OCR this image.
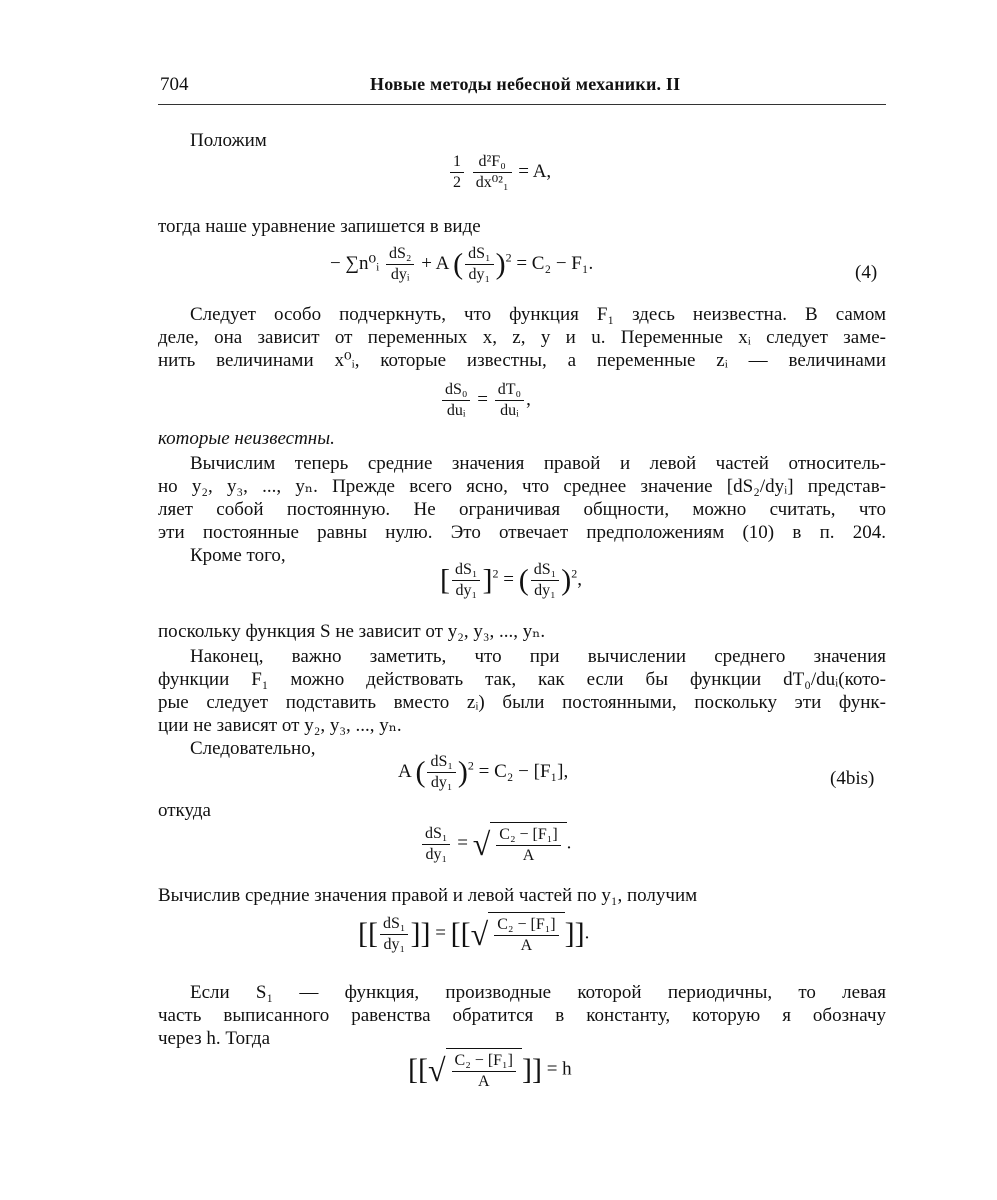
704	Новые методы небесной механики. II
Положим
$\frac{1}{2}$
$\frac{\text{d²F₀}}{\text{dx⁰²₁}} = A$,
тогда наше уравнение запишется в виде
− ∑n⁰ᵢ $\frac{\text{dS₂}}{\text{dyᵢ}} + A$ ( $\frac{\text{dS₁}}{\text{dy₁}} )^2 = C_2 - F_1$.	(4)
Следует особо подчеркнуть, что функция F₁ здесь неизвестна. В самом
деле, она зависит от переменных x, z, y и u. Переменные xᵢ следует заме-
нить величинами x⁰ᵢ, которые известны, а переменные zᵢ — величинами
$\frac{\text{dS₀}}{\text{duᵢ}} = \frac{\text{dT₀}}{\text{duᵢ}}$ ,
которые неизвестны.
Вычислим теперь средние значения правой и левой частей относитель-
но y₂, y₃, ..., yₙ. Прежде всего ясно, что среднее значение [dS₂/dyᵢ] представ-
ляет собой постоянную. Не ограничивая общности, можно считать, что
эти постоянные равны нулю. Это отвечает предположениям (10) в п. 204.
Кроме того,
[ $\frac{\text{dS₁}}{\text{dy₁}} ]^2$ = ( $\frac{\text{dS₁}}{\text{dy₁}} )^2$,
поскольку функция S не зависит от y₂, y₃, ..., yₙ.
Наконец, важно заметить, что при вычислении среднего значения
функции F₁ можно действовать так, как если бы функции dT₀/duᵢ(кото-
рые следует подставить вместо zᵢ) были постоянными, поскольку эти функ-
ции не зависят от y₂, y₃, ..., yₙ.
Следовательно,
A ( $\frac{\text{dS₁}}{\text{dy₁}} )^2 = C_2 - [F_1]$,	(4bis)
откуда
$\frac{\text{dS₁}}{\text{dy₁}}$ = √ $\frac{\text{C₂ − [F₁]}}{A}$ .
Вычислив средние значения правой и левой частей по y₁, получим
[[ $\frac{\text{dS₁}}{\text{dy₁}}$ ]] = [[√ $\frac{\text{C₂ − [F₁]}}{A}$ ]].
Если S₁ — функция, производные которой периодичны, то левая
часть выписанного равенства обратится в константу, которую я обозначу
через h. Тогда
[[√ $\frac{\text{C₂ − [F₁]}}{A}$ ]] = h
